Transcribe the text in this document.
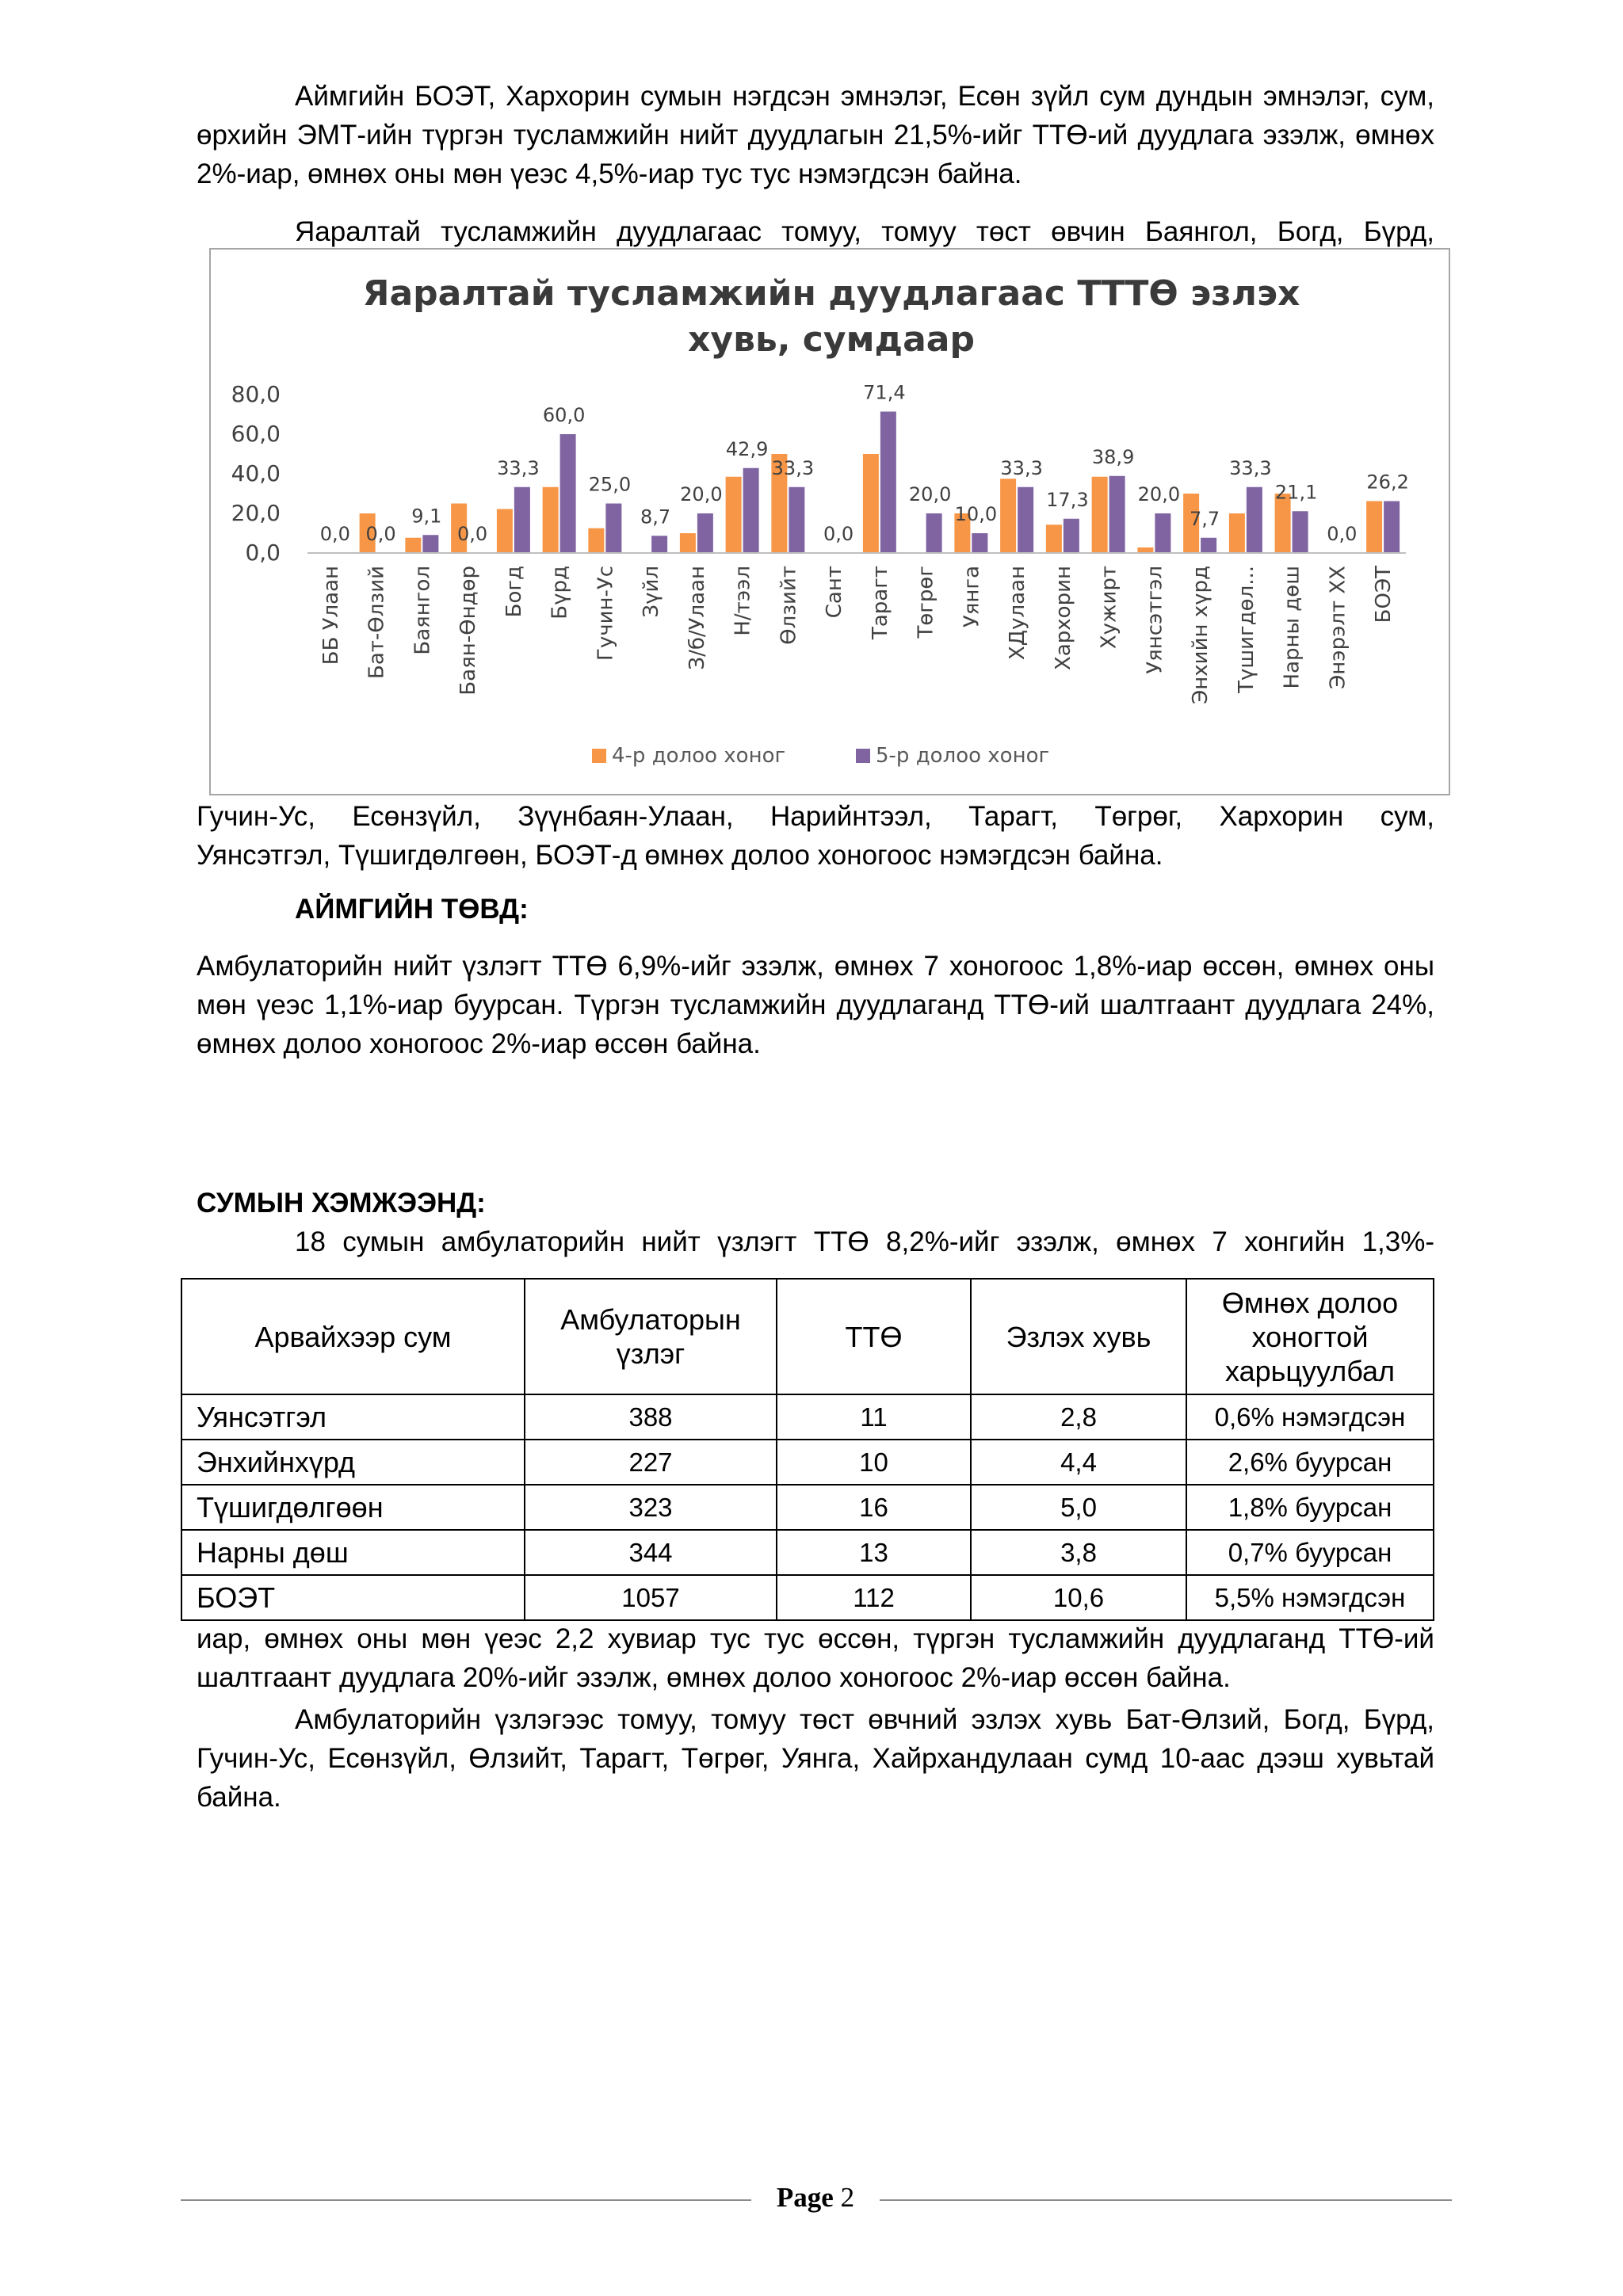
Аймгийн БОЭТ, Хархорин сумын нэгдсэн эмнэлэг, Есөн зүйл сум дундын эмнэлэг, сум, өрхийн ЭМТ-ийн түргэн тусламжийн нийт дуудлагын 21,5%-ийг ТТӨ-ий дуудлага эзэлж, өмнөх 2%-иар, өмнөх оны мөн үеэс 4,5%-иар тус тус нэмэгдсэн байна.

Яаралтай тусламжийн дуудлагаас томуу, томуу төст өвчин Баянгол, Богд, Бүрд,
Яаралтай тусламжийн дуудлагаас ТТТӨ эзлэх
хувь, сумдаар
0,0
20,0
40,0
60,0
80,0
0,0 0,0
9,1
0,0
33,3
60,0
25,0
8,7
20,0
42,9
33,3
0,0
71,4
20,0
10,0
33,3
17,3
38,9
20,0
7,7
33,3
21,1
0,0
26,2
ББ Улаан Бат-Өлзий Баянгол Баян-Өндөр Богд Бүрд Гучин-Ус Зүйл З/б/Улаан Н/тээл Өлзийт Сант Тарагт Төгрөг Уянга ХДулаан Хархорин Хужирт Уянсэтгэл Энхийн хүрд Түшигдөл... Нарны дөш Энэрэлт ХХ БОЭТ
4-р долоо хоног	5-р долоо хоног
Гучин-Ус, Есөнзүйл, Зүүнбаян-Улаан, Нарийнтээл, Тарагт, Төгрөг, Хархорин сум,
Уянсэтгэл, Түшигдөлгөөн, БОЭТ-д өмнөх долоо хоногоос нэмэгдсэн байна.
АЙМГИЙН ТӨВД:

Амбулаторийн нийт үзлэгт ТТӨ 6,9%-ийг эзэлж, өмнөх 7 хоногоос 1,8%-иар өссөн, өмнөх оны мөн үеэс 1,1%-иар буурсан. Түргэн тусламжийн дуудлаганд ТТӨ-ий шалтгаант дуудлага 24%, өмнөх долоо хоногоос 2%-иар өссөн байна.

СУМЫН ХЭМЖЭЭНД:
18 сумын амбулаторийн нийт үзлэгт ТТӨ 8,2%-ийг эзэлж, өмнөх 7 хонгийн 1,3%-
Арвайхээр сум	Амбулаторын үзлэг	ТТӨ	Эзлэх хувь	Өмнөх долоо хоногтой харьцуулбал
Уянсэтгэл	388	11	2,8	0,6% нэмэгдсэн
Энхийнхүрд	227	10	4,4	2,6% буурсан
Түшигдөлгөөн	323	16	5,0	1,8% буурсан
Нарны дөш	344	13	3,8	0,7% буурсан
БОЭТ	1057	112	10,6	5,5% нэмэгдсэн

иар, өмнөх оны мөн үеэс 2,2 хувиар тус тус өссөн, түргэн тусламжийн дуудлаганд ТТӨ-ий шалтгаант дуудлага 20%-ийг эзэлж, өмнөх долоо хоногоос 2%-иар өссөн байна.

Амбулаторийн үзлэгээс томуу, томуу төст өвчний эзлэх хувь Бат-Өлзий, Богд, Бүрд, Гучин-Ус, Есөнзүйл, Өлзийт, Тарагт, Төгрөг, Уянга, Хайрхандулаан сумд 10-аас дээш хувьтай байна.

Page 2
